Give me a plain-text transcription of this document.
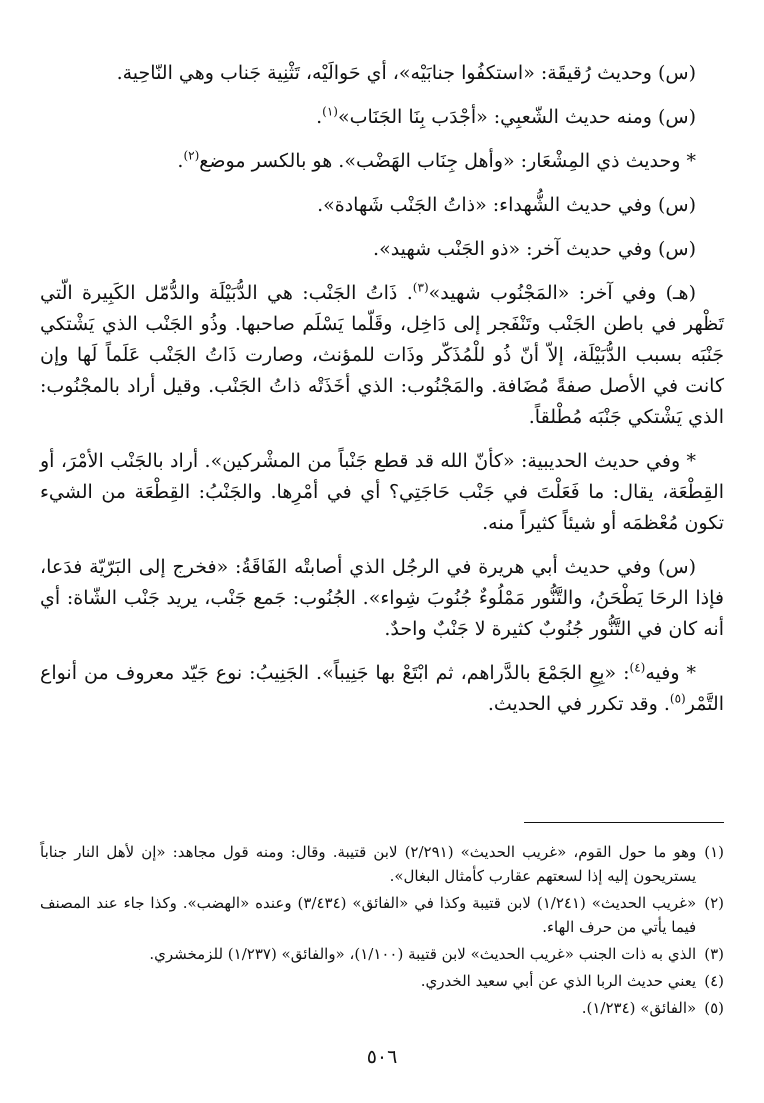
(س) وحديث رُقيقَة: «استكفُوا جنابَيْه»، أي حَوالَيْه، تَثْنِية جَناب وهي النّاحِية.

(س) ومنه حديث الشّعبِي: «أجْدَب بِنَا الجَنَاب»$^{(١)}$.

* وحديث ذي المِشْعَار: «وأهل جِنَاب الهَضْب». هو بالكسر موضع$^{(٢)}$.

(س) وفي حديث الشُّهداء: «ذاتُ الجَنْب شَهادة».

(س) وفي حديث آخر: «ذو الجَنْب شهيد».

(هـ) وفي آخر: «المَجْنُوب شهيد»$^{(٣)}$. ذَاتُ الجَنْب: هي الدُّبَيْلَة والدُّمّل الكَبِيرة الّتي تَظْهر في باطن الجَنْب وتَنْفَجر إلى دَاخِل، وقَلّما يَسْلَم صاحبها. وذُو الجَنْب الذي يَشْتكي جَنْبَه بسبب الدُّبَيْلَة، إلاّ أنّ ذُو للْمُذَكّر وذَات للمؤنث، وصارت ذَاتُ الجَنْب عَلَماً لَها وإن كانت في الأصل صفةً مُضَافة. والمَجْنُوب: الذي أخَذَتْه ذاتُ الجَنْب. وقيل أراد بالمجْنُوب: الذي يَشْتكي جَنْبَه مُطْلقاً.

* وفي حديث الحديبية: «كأنّ الله قد قطع جَنْباً من المشْركين». أراد بالجَنْب الأمْرَ، أو القِطْعَة، يقال: ما فَعَلْتَ في جَنْب حَاجَتِي؟ أي في أمْرِها. والجَنْبُ: القِطْعَة من الشيء تكون مُعْظمَه أو شيئاً كثيراً منه.

(س) وفي حديث أبي هريرة في الرجُل الذي أصابتْه الفَاقَةُ: «فخرج إلى البَرّيّة فدَعا، فإذا الرحَا يَطْحَنُ، والتَّنُّور مَمْلُوءٌ جُنُوبَ شِواء». الجُنُوب: جَمع جَنْب، يريد جَنْب الشّاة: أي أنه كان في التَّنُّور جُنُوبٌ كثيرة لا جَنْبٌ واحدٌ.

* وفيه$^{(٤)}$: «بِعِ الجَمْعَ بالدَّراهم، ثم ابْتَعْ بها جَنِيباً». الجَنِيبُ: نوع جَيّد معروف من أنواع التَّمْر$^{(٥)}$. وقد تكرر في الحديث.

(١)
وهو ما حول القوم، «غريب الحديث» (٢/٢٩١) لابن قتيبة. وقال: ومنه قول مجاهد: «إن لأهل النار جناباً يستريحون إليه إذا لسعتهم عقارب كأمثال البغال».
(٢)
«غريب الحديث» (١/٢٤١) لابن قتيبة وكذا في «الفائق» (٣/٤٣٤) وعنده «الهضب». وكذا جاء عند المصنف فيما يأتي من حرف الهاء.
(٣)
الذي به ذات الجنب «غريب الحديث» لابن قتيبة (١/١٠٠)، «والفائق» (١/٢٣٧) للزمخشري.
(٤)
يعني حديث الربا الذي عن أبي سعيد الخدري.
(٥)
«الفائق» (١/٢٣٤).
٥٠٦
